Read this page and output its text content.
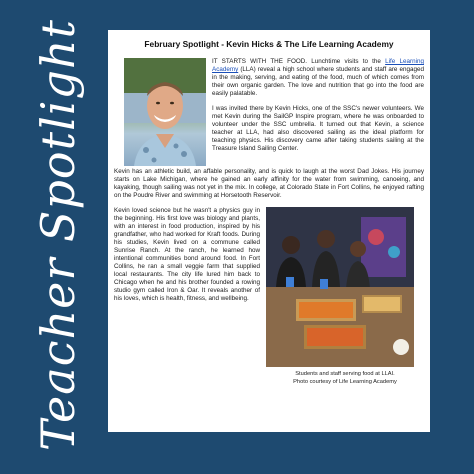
Teacher Spotlight	February Spotlight - Kevin Hicks & The Life Learning Academy

IT STARTS WITH THE FOOD. Lunchtime visits to the Life Learning Academy (LLA) reveal a high school where students and staff are engaged in the making, serving, and eating of the food, much of which comes from their own organic garden. The love and nutrition that go into the food are easily palatable.

I was invited there by Kevin Hicks, one of the SSC's newer volunteers. We met Kevin during the SailGP Inspire program, where he was onboarded to volunteer under the SSC umbrella. It turned out that Kevin, a science teacher at LLA, had also discovered sailing as the ideal platform for teaching physics. His discovery came after taking students sailing at the Treasure Island Sailing Center.

Kevin has an athletic build, an affable personality, and is quick to laugh at the worst Dad Jokes. His journey starts on Lake Michigan, where he gained an early affinity for the water from swimming, canoeing, and kayaking, though sailing was not yet in the mix. In college, at Colorado State in Fort Collins, he enjoyed rafting on the Poudre River and swimming at Horsetooth Reservoir.

Kevin loved science but he wasn't a physics guy in the beginning. His first love was biology and plants, with an interest in food production, inspired by his grandfather, who had worked for Kraft foods. During his studies, Kevin lived on a commune called Sunrise Ranch. At the ranch, he learned how intentional communities bond around food. In Fort Collins, he ran a small veggie farm that supplied local restaurants. The city life lured him back to Chicago when he and his brother founded a rowing studio gym called Iron & Oar. It reveals another of his loves, which is health, fitness, and wellbeing.

Students and staff serving food at LLAI.
Photo courtesy of Life Learning Academy
